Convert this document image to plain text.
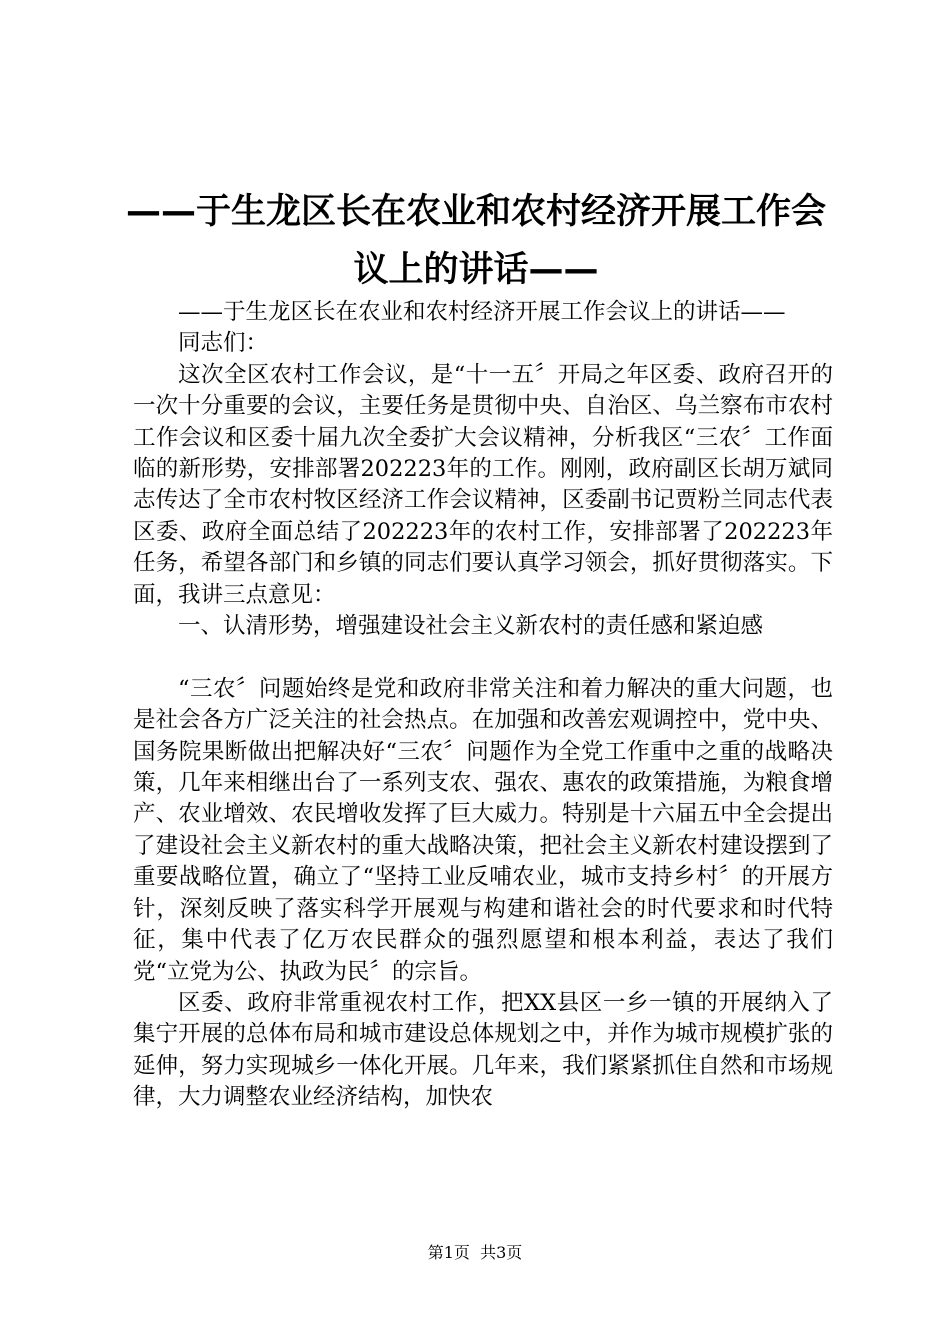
——于生龙区长在农业和农村经济开展工作会
议上的讲话——

——于生龙区长在农业和农村经济开展工作会议上的讲话——

同志们：

这次全区农村工作会议，是“十一五〞开局之年区委、政府召开的一次十分重要的会议，主要任务是贯彻中央、自治区、乌兰察布市农村工作会议和区委十届九次全委扩大会议精神，分析我区“三农〞工作面临的新形势，安排部署202223年的工作。刚刚，政府副区长胡万斌同志传达了全市农村牧区经济工作会议精神，区委副书记贾粉兰同志代表区委、政府全面总结了202223年的农村工作，安排部署了202223年任务，希望各部门和乡镇的同志们要认真学习领会，抓好贯彻落实。下面，我讲三点意见：

一、认清形势，增强建设社会主义新农村的责任感和紧迫感

“三农〞问题始终是党和政府非常关注和着力解决的重大问题，也是社会各方广泛关注的社会热点。在加强和改善宏观调控中，党中央、国务院果断做出把解决好“三农〞问题作为全党工作重中之重的战略决策，几年来相继出台了一系列支农、强农、惠农的政策措施，为粮食增产、农业增效、农民增收发挥了巨大威力。特别是十六届五中全会提出了建设社会主义新农村的重大战略决策，把社会主义新农村建设摆到了重要战略位置，确立了“坚持工业反哺农业，城市支持乡村〞的开展方针，深刻反映了落实科学开展观与构建和谐社会的时代要求和时代特征，集中代表了亿万农民群众的强烈愿望和根本利益，表达了我们党“立党为公、执政为民〞的宗旨。

区委、政府非常重视农村工作，把XX县区一乡一镇的开展纳入了集宁开展的总体布局和城市建设总体规划之中，并作为城市规模扩张的延伸，努力实现城乡一体化开展。几年来，我们紧紧抓住自然和市场规律，大力调整农业经济结构，加快农

第1页  共3页
